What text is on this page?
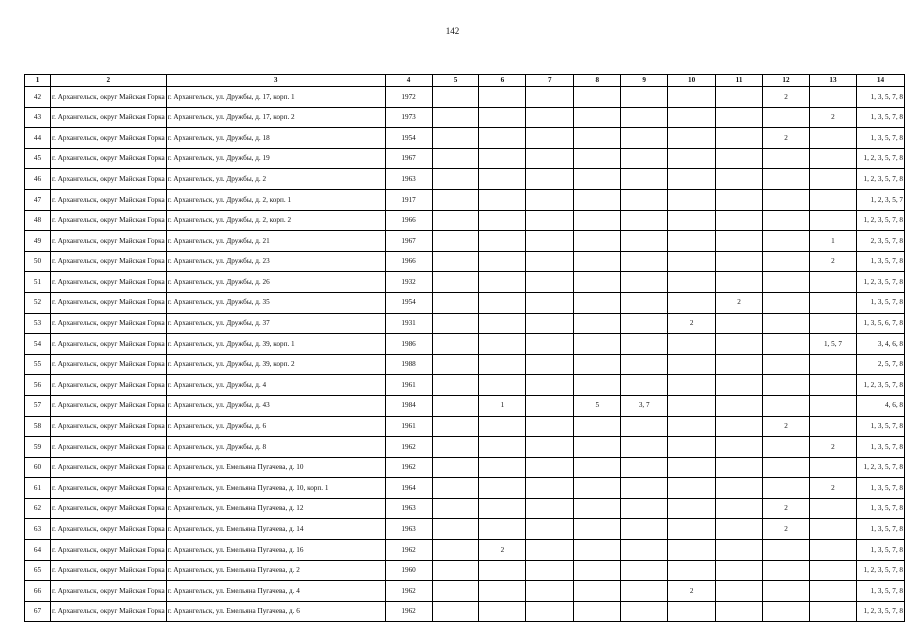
142
1	2	3	4	5	6	7	8	9	10	11	12	13	14
42	г. Архангельск, округ Майская Горка	г. Архангельск, ул. Дружбы, д. 17, корп. 1	1972								2		1, 3, 5, 7, 8
43	г. Архангельск, округ Майская Горка	г. Архангельск, ул. Дружбы, д. 17, корп. 2	1973									2	1, 3, 5, 7, 8
44	г. Архангельск, округ Майская Горка	г. Архангельск, ул. Дружбы, д. 18	1954								2		1, 3, 5, 7, 8
45	г. Архангельск, округ Майская Горка	г. Архангельск, ул. Дружбы, д. 19	1967										1, 2, 3, 5, 7, 8
46	г. Архангельск, округ Майская Горка	г. Архангельск, ул. Дружбы, д. 2	1963										1, 2, 3, 5, 7, 8
47	г. Архангельск, округ Майская Горка	г. Архангельск, ул. Дружбы, д. 2, корп. 1	1917										1, 2, 3, 5, 7
48	г. Архангельск, округ Майская Горка	г. Архангельск, ул. Дружбы, д. 2, корп. 2	1966										1, 2, 3, 5, 7, 8
49	г. Архангельск, округ Майская Горка	г. Архангельск, ул. Дружбы, д. 21	1967									1	2, 3, 5, 7, 8
50	г. Архангельск, округ Майская Горка	г. Архангельск, ул. Дружбы, д. 23	1966									2	1, 3, 5, 7, 8
51	г. Архангельск, округ Майская Горка	г. Архангельск, ул. Дружбы, д. 26	1932										1, 2, 3, 5, 7, 8
52	г. Архангельск, округ Майская Горка	г. Архангельск, ул. Дружбы, д. 35	1954							2			1, 3, 5, 7, 8
53	г. Архангельск, округ Майская Горка	г. Архангельск, ул. Дружбы, д. 37	1931						2				1, 3, 5, 6, 7, 8
54	г. Архангельск, округ Майская Горка	г. Архангельск, ул. Дружбы, д. 39, корп. 1	1986									1, 5, 7	3, 4, 6, 8
55	г. Архангельск, округ Майская Горка	г. Архангельск, ул. Дружбы, д. 39, корп. 2	1988										2, 5, 7, 8
56	г. Архангельск, округ Майская Горка	г. Архангельск, ул. Дружбы, д. 4	1961										1, 2, 3, 5, 7, 8
57	г. Архангельск, округ Майская Горка	г. Архангельск, ул. Дружбы, д. 43	1984		1		5	3, 7					4, 6, 8
58	г. Архангельск, округ Майская Горка	г. Архангельск, ул. Дружбы, д. 6	1961								2		1, 3, 5, 7, 8
59	г. Архангельск, округ Майская Горка	г. Архангельск, ул. Дружбы, д. 8	1962									2	1, 3, 5, 7, 8
60	г. Архангельск, округ Майская Горка	г. Архангельск, ул. Емельяна Пугачева, д. 10	1962										1, 2, 3, 5, 7, 8
61	г. Архангельск, округ Майская Горка	г. Архангельск, ул. Емельяна Пугачева, д. 10, корп. 1	1964									2	1, 3, 5, 7, 8
62	г. Архангельск, округ Майская Горка	г. Архангельск, ул. Емельяна Пугачева, д. 12	1963								2		1, 3, 5, 7, 8
63	г. Архангельск, округ Майская Горка	г. Архангельск, ул. Емельяна Пугачева, д. 14	1963								2		1, 3, 5, 7, 8
64	г. Архангельск, округ Майская Горка	г. Архангельск, ул. Емельяна Пугачева, д. 16	1962		2								1, 3, 5, 7, 8
65	г. Архангельск, округ Майская Горка	г. Архангельск, ул. Емельяна Пугачева, д. 2	1960										1, 2, 3, 5, 7, 8
66	г. Архангельск, округ Майская Горка	г. Архангельск, ул. Емельяна Пугачева, д. 4	1962						2				1, 3, 5, 7, 8
67	г. Архангельск, округ Майская Горка	г. Архангельск, ул. Емельяна Пугачева, д. 6	1962										1, 2, 3, 5, 7, 8
